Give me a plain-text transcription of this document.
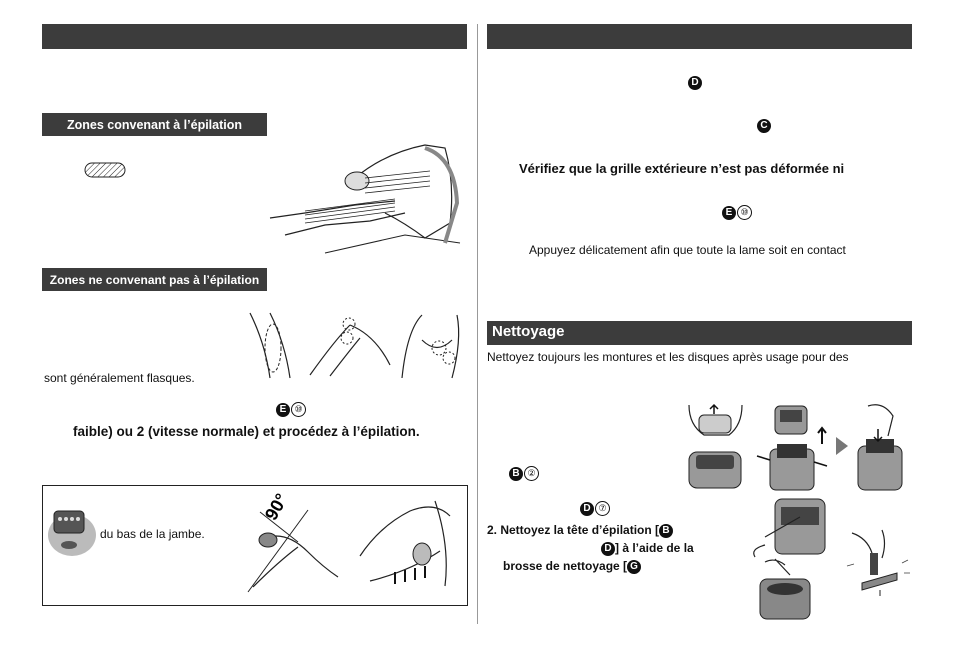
Zones convenant à l’épilation
Zones ne convenant pas à l’épilation
sont généralement flasques.
E ⑩
faible) ou 2 (vitesse normale) et procédez à l’épilation.
du bas de la jambe.
90°
D
C
Vérifiez que la grille extérieure n’est pas déformée ni
E ⑩
Appuyez délicatement afin que toute la lame soit en contact
Nettoyage
Nettoyez toujours les montures et les disques après usage pour des
B ②
D ⑦
2. Nettoyez la tête d’épilation [ B
D ] à l’aide de la
brosse de nettoyage [ G
